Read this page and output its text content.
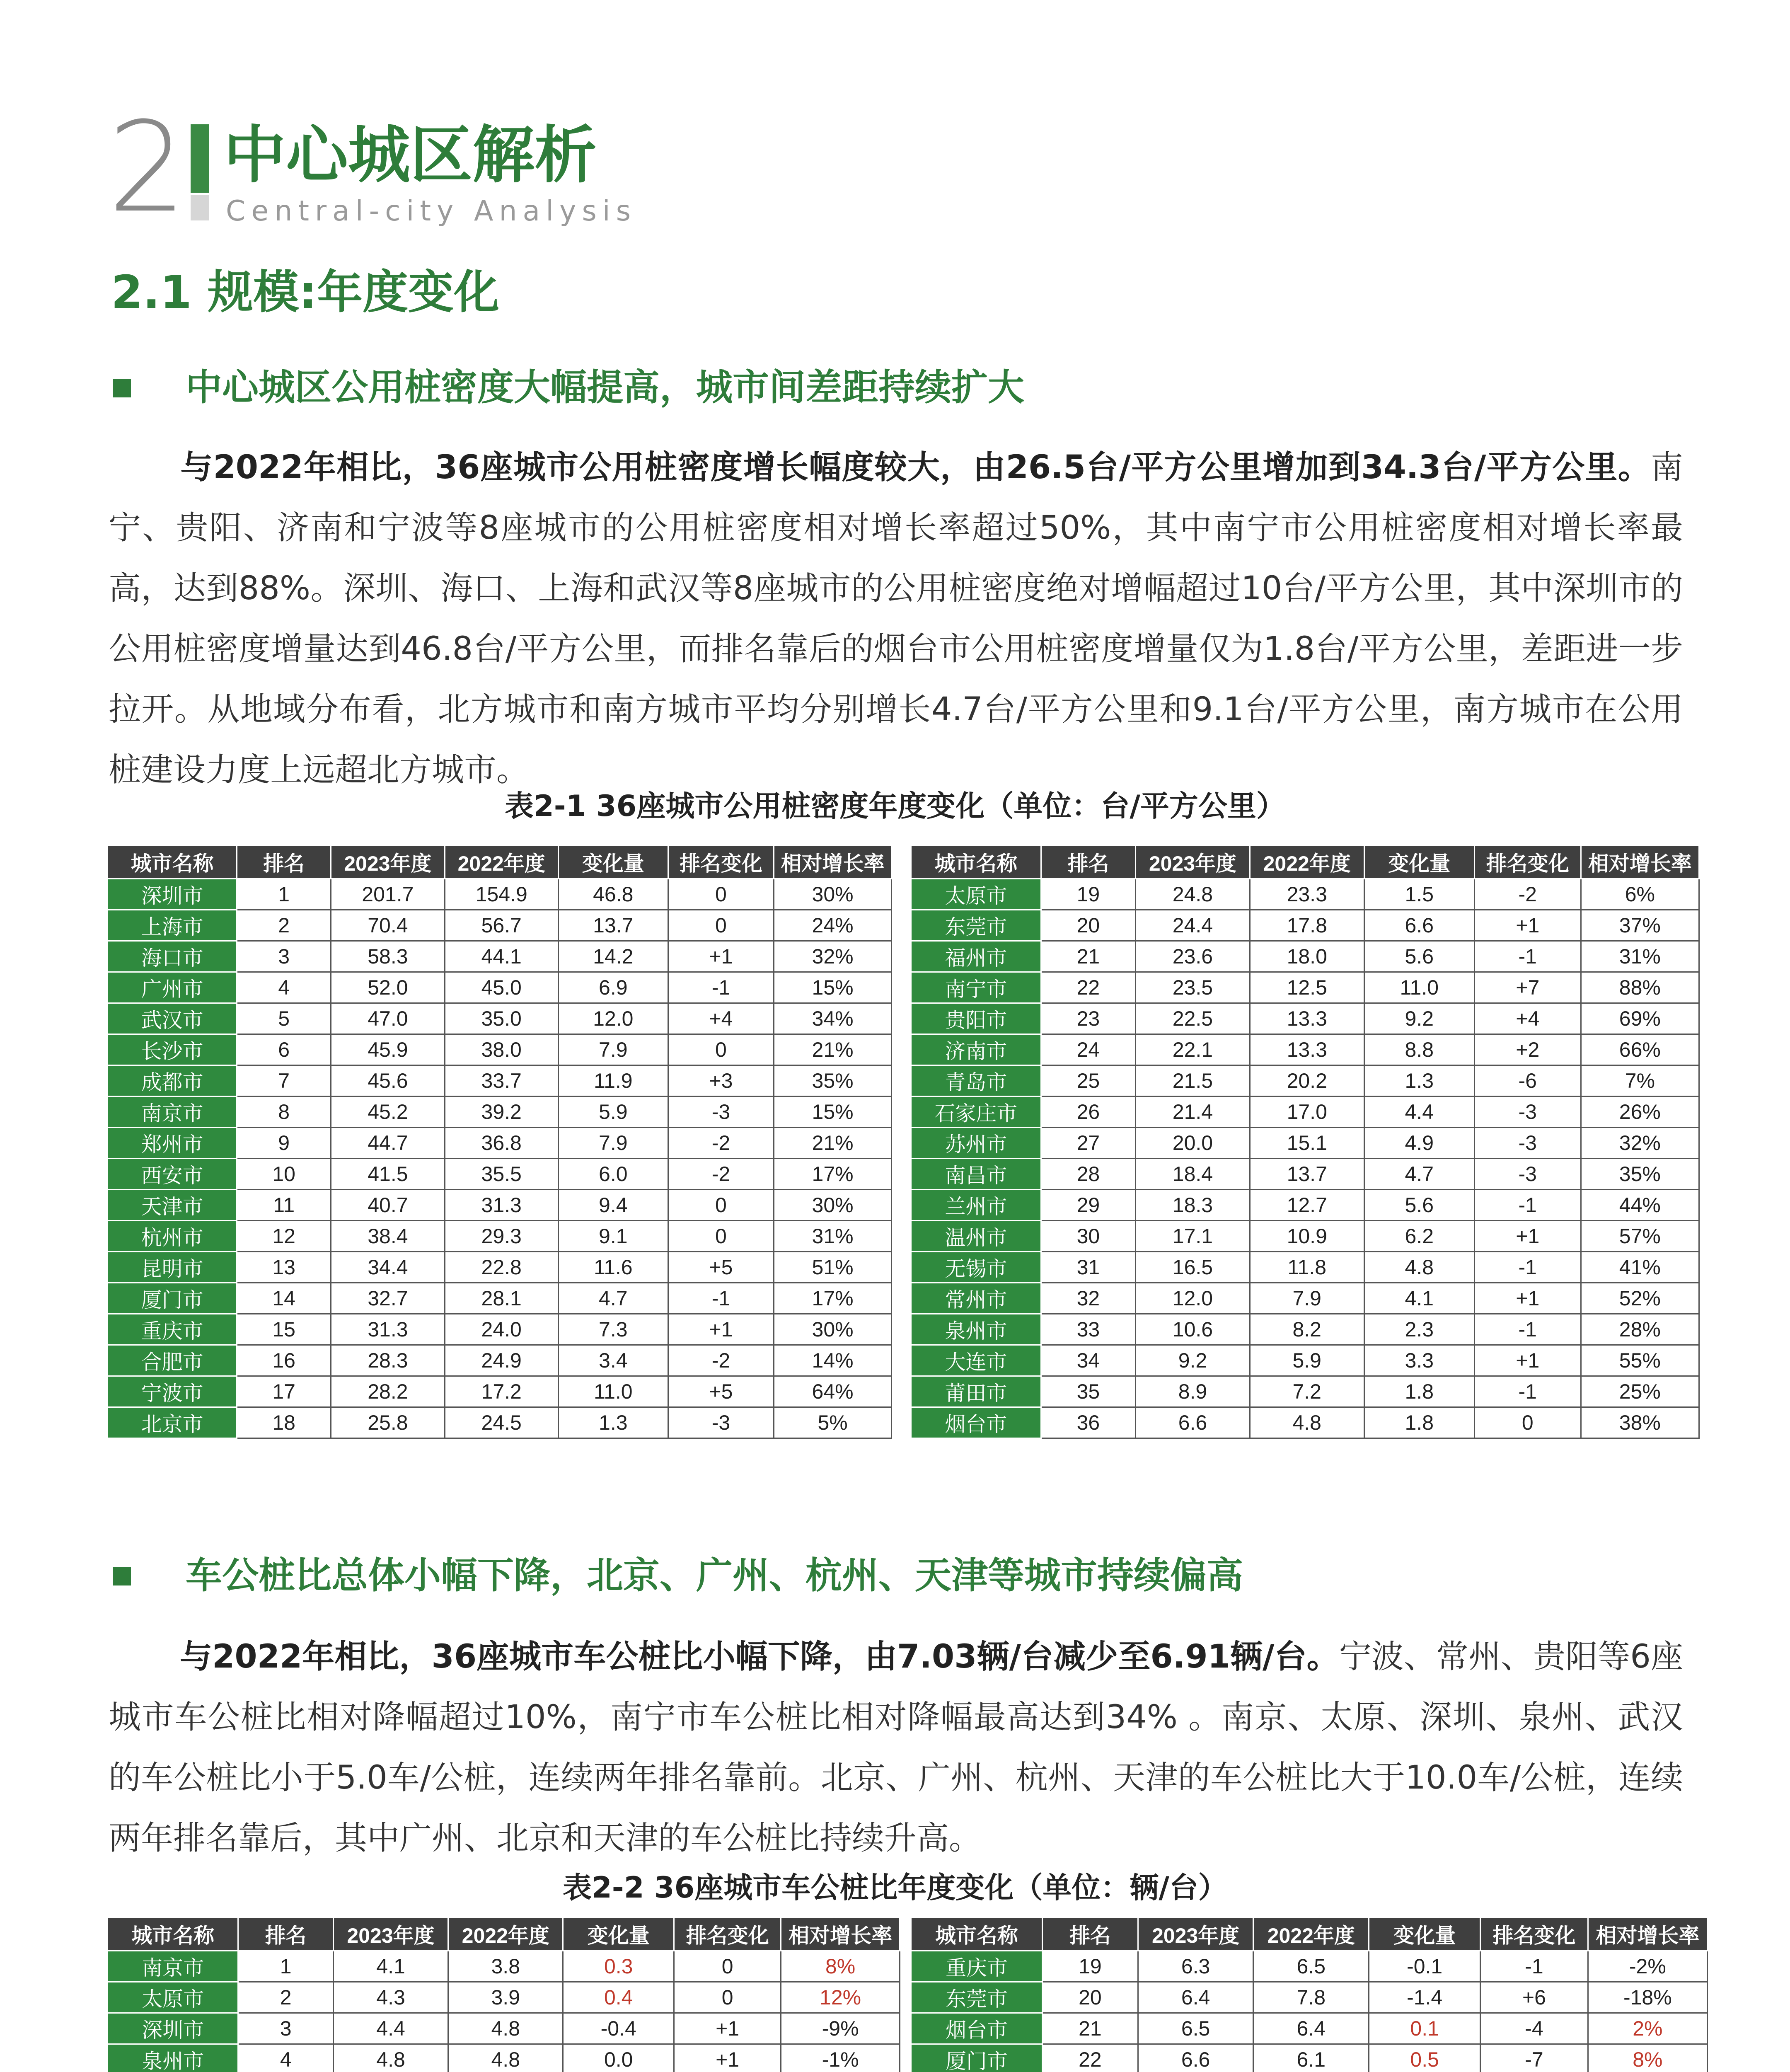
2 中心城区解析
Central-city Analysis
2.1 规模:年度变化
中心城区公用桩密度大幅提高，城市间差距持续扩大
与2022年相比，36座城市公用桩密度增长幅度较大，由26.5台/平方公里增加到34.3台/平方公里。南宁、贵阳、济南和宁波等8座城市的公用桩密度相对增长率超过50%，其中南宁市公用桩密度相对增长率最高，达到88%。深圳、海口、上海和武汉等8座城市的公用桩密度绝对增幅超过10台/平方公里，其中深圳市的公用桩密度增量达到46.8台/平方公里，而排名靠后的烟台市公用桩密度增量仅为1.8台/平方公里，差距进一步拉开。从地域分布看，北方城市和南方城市平均分别增长4.7台/平方公里和9.1台/平方公里，南方城市在公用桩建设力度上远超北方城市。
表2-1 36座城市公用桩密度年度变化（单位：台/平方公里）
城市名称	排名	2023年度	2022年度	变化量	排名变化	相对增长率
深圳市	1	201.7	154.9	46.8	0	30%
上海市	2	70.4	56.7	13.7	0	24%
海口市	3	58.3	44.1	14.2	+1	32%
广州市	4	52.0	45.0	6.9	-1	15%
武汉市	5	47.0	35.0	12.0	+4	34%
长沙市	6	45.9	38.0	7.9	0	21%
成都市	7	45.6	33.7	11.9	+3	35%
南京市	8	45.2	39.2	5.9	-3	15%
郑州市	9	44.7	36.8	7.9	-2	21%
西安市	10	41.5	35.5	6.0	-2	17%
天津市	11	40.7	31.3	9.4	0	30%
杭州市	12	38.4	29.3	9.1	0	31%
昆明市	13	34.4	22.8	11.6	+5	51%
厦门市	14	32.7	28.1	4.7	-1	17%
重庆市	15	31.3	24.0	7.3	+1	30%
合肥市	16	28.3	24.9	3.4	-2	14%
宁波市	17	28.2	17.2	11.0	+5	64%
北京市	18	25.8	24.5	1.3	-3	5%
城市名称	排名	2023年度	2022年度	变化量	排名变化	相对增长率
太原市	19	24.8	23.3	1.5	-2	6%
东莞市	20	24.4	17.8	6.6	+1	37%
福州市	21	23.6	18.0	5.6	-1	31%
南宁市	22	23.5	12.5	11.0	+7	88%
贵阳市	23	22.5	13.3	9.2	+4	69%
济南市	24	22.1	13.3	8.8	+2	66%
青岛市	25	21.5	20.2	1.3	-6	7%
石家庄市	26	21.4	17.0	4.4	-3	26%
苏州市	27	20.0	15.1	4.9	-3	32%
南昌市	28	18.4	13.7	4.7	-3	35%
兰州市	29	18.3	12.7	5.6	-1	44%
温州市	30	17.1	10.9	6.2	+1	57%
无锡市	31	16.5	11.8	4.8	-1	41%
常州市	32	12.0	7.9	4.1	+1	52%
泉州市	33	10.6	8.2	2.3	-1	28%
大连市	34	9.2	5.9	3.3	+1	55%
莆田市	35	8.9	7.2	1.8	-1	25%
烟台市	36	6.6	4.8	1.8	0	38%
车公桩比总体小幅下降，北京、广州、杭州、天津等城市持续偏高
与2022年相比，36座城市车公桩比小幅下降，由7.03辆/台减少至6.91辆/台。宁波、常州、贵阳等6座城市车公桩比相对降幅超过10%，南宁市车公桩比相对降幅最高达到34% 。南京、太原、深圳、泉州、武汉的车公桩比小于5.0车/公桩，连续两年排名靠前。北京、广州、杭州、天津的车公桩比大于10.0车/公桩，连续两年排名靠后，其中广州、北京和天津的车公桩比持续升高。
表2-2 36座城市车公桩比年度变化（单位：辆/台）
城市名称	排名	2023年度	2022年度	变化量	排名变化	相对增长率
南京市	1	4.1	3.8	0.3	0	8%
太原市	2	4.3	3.9	0.4	0	12%
深圳市	3	4.4	4.8	-0.4	+1	-9%
泉州市	4	4.8	4.8	0.0	+1	-1%

城市名称	排名	2023年度	2022年度	变化量	排名变化	相对增长率
重庆市	19	6.3	6.5	-0.1	-1	-2%
东莞市	20	6.4	7.8	-1.4	+6	-18%
烟台市	21	6.5	6.4	0.1	-4	2%
厦门市	22	6.6	6.1	0.5	-7	8%
